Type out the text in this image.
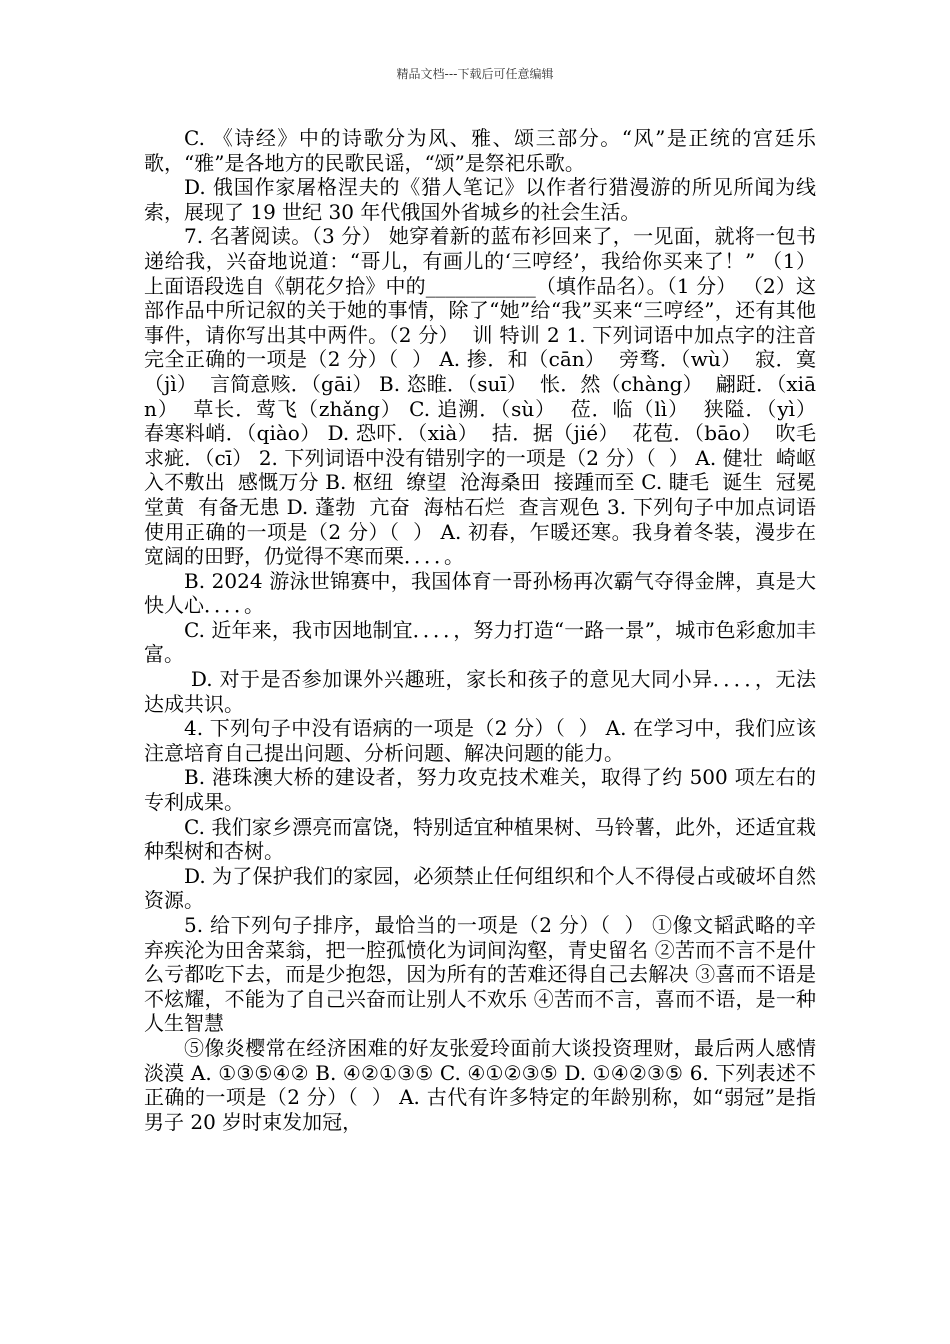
精品文档---下载后可任意编辑

C. 《诗经》中的诗歌分为风、雅、颂三部分。“风”是正统的宫廷乐歌，“雅”是各地方的民歌民谣，“颂”是祭祀乐歌。

D. 俄国作家屠格涅夫的《猎人笔记》以作者行猎漫游的所见所闻为线索，展现了 19 世纪 30 年代俄国外省城乡的社会生活。

7. 名著阅读。（3 分） 她穿着新的蓝布衫回来了，一见面，就将一包书递给我，兴奋地说道：“哥儿，有画儿的‘三哼经’，我给你买来了！” （1）上面语段选自《朝花夕拾》中的___________（填作品名）。（1 分） （2）这部作品中所记叙的关于她的事情，除了“她”给“我”买来“三哼经”，还有其他事件，请你写出其中两件。（2 分）  训 特训 2 1. 下列词语中加点字的注音完全正确的一项是（2 分）（  ） A. 掺．和（cān）  旁骛．（wù）  寂．寞（jì）  言简意赅．（gāi） B. 恣睢．（suī）  怅．然（chàng）  翩跹．（xiān）  草长．莺飞（zhǎng） C. 追溯．（sù）  莅．临（lì）  狭隘．（yì）  春寒料峭．（qiào） D. 恐吓．（xià）  拮．据（jié）  花苞．（bāo）  吹毛求疵．（cī） 2. 下列词语中没有错别字的一项是（2 分）（  ） A. 健壮  崎岖  入不敷出  感慨万分 B. 枢纽  缭望  沧海桑田  接踵而至 C. 睫毛  诞生  冠冕堂黄  有备无患 D. 蓬勃  亢奋  海枯石烂  查言观色 3. 下列句子中加点词语使用正确的一项是（2 分）（  ） A. 初春，乍暖还寒。我身着冬装，漫步在宽阔的田野，仍觉得不寒而栗．．．．。

B. 2024 游泳世锦赛中，我国体育一哥孙杨再次霸气夺得金牌，真是大快人心．．．．。

C. 近年来，我市因地制宜．．．．，努力打造“一路一景”，城市色彩愈加丰富。

D. 对于是否参加课外兴趣班，家长和孩子的意见大同小异．．．．，无法达成共识。

4. 下列句子中没有语病的一项是（2 分）（  ） A. 在学习中，我们应该注意培育自己提出问题、分析问题、解决问题的能力。

B. 港珠澳大桥的建设者，努力攻克技术难关，取得了约 500 项左右的专利成果。

C. 我们家乡漂亮而富饶，特别适宜种植果树、马铃薯，此外，还适宜栽种梨树和杏树。

D. 为了保护我们的家园，必须禁止任何组织和个人不得侵占或破坏自然资源。

5. 给下列句子排序，最恰当的一项是（2 分）（  ） ①像文韬武略的辛弃疾沦为田舍菜翁，把一腔孤愤化为词间沟壑，青史留名 ②苦而不言不是什么亏都吃下去，而是少抱怨，因为所有的苦难还得自己去解决 ③喜而不语是不炫耀，不能为了自己兴奋而让别人不欢乐 ④苦而不言，喜而不语，是一种人生智慧

⑤像炎樱常在经济困难的好友张爱玲面前大谈投资理财，最后两人感情淡漠 A. ①③⑤④② B. ④②①③⑤ C. ④①②③⑤ D. ①④②③⑤ 6. 下列表述不正确的一项是（2 分）（  ） A. 古代有许多特定的年龄别称，如“弱冠”是指男子 20 岁时束发加冠，
